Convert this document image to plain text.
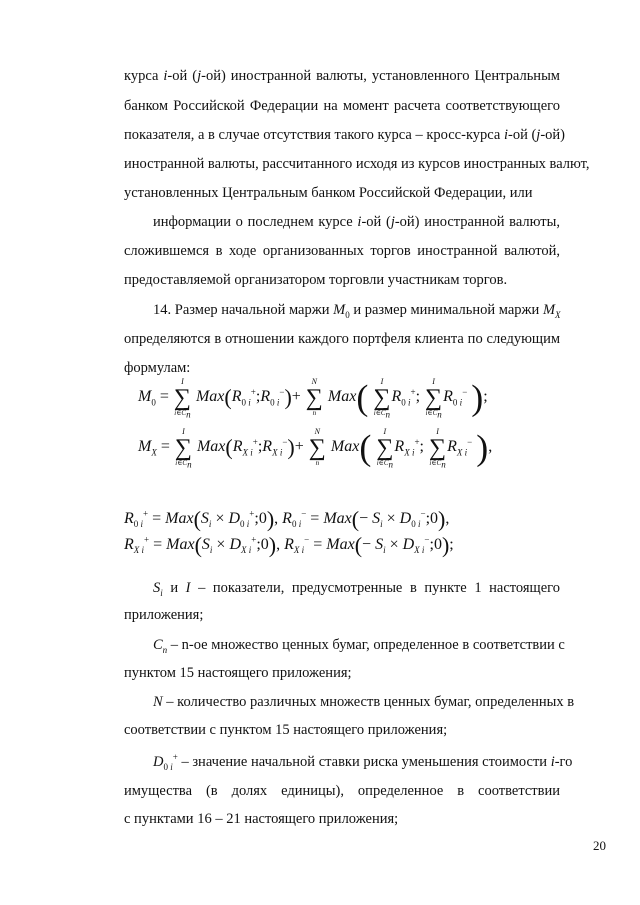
курса i-ой (j-ой) иностранной валюты, установленного Центральным
банком Российской Федерации на момент расчета соответствующего
показателя, а в случае отсутствия такого курса – кросс-курса i-ой (j-ой)
иностранной валюты, рассчитанного исходя из курсов иностранных валют,
установленных Центральным банком Российской Федерации, или
информации о последнем курсе i-ой (j-ой) иностранной валюты,
сложившемся в ходе организованных торгов иностранной валютой,
предоставляемой организатором торговли участникам торгов.
14. Размер начальной маржи $M_0$ и размер минимальной маржи $M_X$
определяются в отношении каждого портфеля клиента по следующим
формулам:
$M_0$ =
I
∑
$i\in C_n$
$Max(R_{0 i}^+;R_{0 i}^-)+$
N
∑
n
Max(	I
∑
$i\in C_n$
$R_{0 i}^+$;
I
∑
$i\in C_n$
$R_{0 i}^-$ );
$M_X$ =
I
∑
$i\in C_n$
$Max(R_{X i}^+;R_{X i}^-)+$
N
∑
n
Max(	I
∑
$i\in C_n$
$R_{X i}^+$;
I
∑
$i\in C_n$
$R_{X i}^-$ ),
$R_{0 i}^+ = Max(S_i$ × $D_{0 i}^+;0$), $R_{0 i}^- = Max(- S_i$ × $D_{0 i}^-;0$),
$R_{X i}^+ = Max(S_i$ × $D_{X i}^+;0$), $R_{X i}^- = Max(- S_i$ × $D_{X i}^-;0$);
$S_i$ и I – показатели, предусмотренные в пункте 1 настоящего
приложения;
$C_n - n-ое$ множество ценных бумаг, определенное в соответствии с
пунктом 15 настоящего приложения;
N – количество различных множеств ценных бумаг, определенных в
соответствии с пунктом 15 настоящего приложения;
$D_{0 i}^+$ – значение начальной ставки риска уменьшения стоимости i-го
имущества (в долях единицы), определенное в соответствии
с пунктами 16 – 21 настоящего приложения;
20
